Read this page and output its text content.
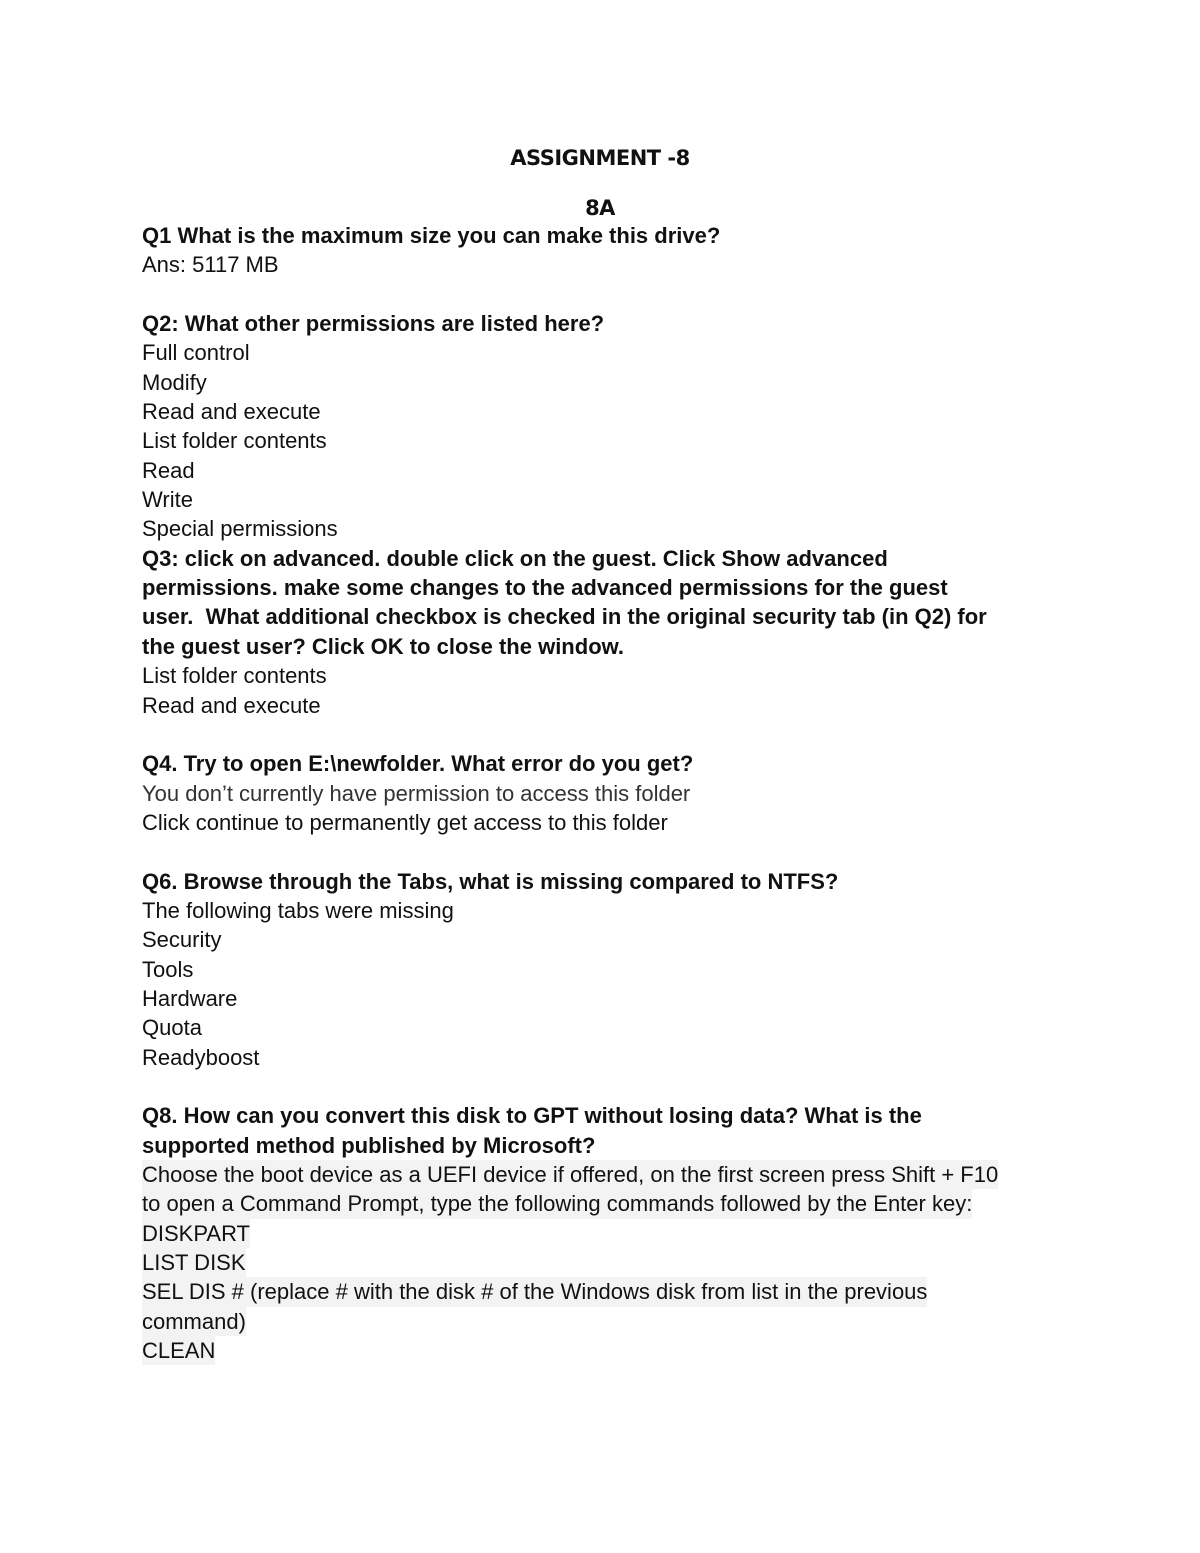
ASSIGNMENT -8
8A
Q1 What is the maximum size you can make this drive?
Ans: 5117 MB
Q2: What other permissions are listed here?
Full control
Modify
Read and execute
List folder contents
Read
Write
Special permissions
Q3: click on advanced. double click on the guest. Click Show advanced
permissions. make some changes to the advanced permissions for the guest
user.  What additional checkbox is checked in the original security tab (in Q2) for
the guest user? Click OK to close the window.
List folder contents
Read and execute
Q4. Try to open E:\newfolder. What error do you get?
You don’t currently have permission to access this folder
Click continue to permanently get access to this folder
Q6. Browse through the Tabs, what is missing compared to NTFS?
The following tabs were missing
Security
Tools
Hardware
Quota
Readyboost
Q8. How can you convert this disk to GPT without losing data? What is the
supported method published by Microsoft?
Choose the boot device as a UEFI device if offered, on the first screen press Shift + F10
to open a Command Prompt, type the following commands followed by the Enter key:
DISKPART
LIST DISK
SEL DIS # (replace # with the disk # of the Windows disk from list in the previous
command)
CLEAN
